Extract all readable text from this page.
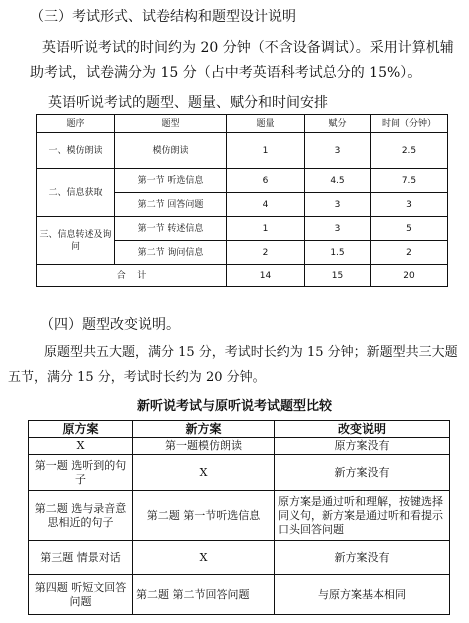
（三）考试形式、试卷结构和题型设计说明
英语听说考试的时间约为 20 分钟（不含设备调试）。采用计算机辅助考试，试卷满分为 15 分（占中考英语科考试总分的 15%）。
英语听说考试的题型、题量、赋分和时间安排
题序	题型	题量	赋分	时间（分钟）
一、模仿朗读	模仿朗读	1	3	2.5
二、信息获取	第一节 听选信息	6	4.5	7.5
	第二节 回答问题	4	3	3
三、信息转述及询问	第一节 转述信息	1	3	5
	第二节 询问信息	2	1.5	2
合    计		14	15	20
（四）题型改变说明。
原题型共五大题，满分 15 分，考试时长约为 15 分钟；新题型共三大题五节，满分 15 分，考试时长约为 20 分钟。
新听说考试与原听说考试题型比较
原方案	新方案	改变说明
X	第一题模仿朗读	原方案没有
第一题 选听到的句子	X	新方案没有
第二题 选与录音意思相近的句子	第二题 第一节听选信息	原方案是通过听和理解，按键选择同义句，新方案是通过听和看提示口头回答问题
第三题 情景对话	X	新方案没有
第四题 听短文回答问题	第二题 第二节回答问题	与原方案基本相同
